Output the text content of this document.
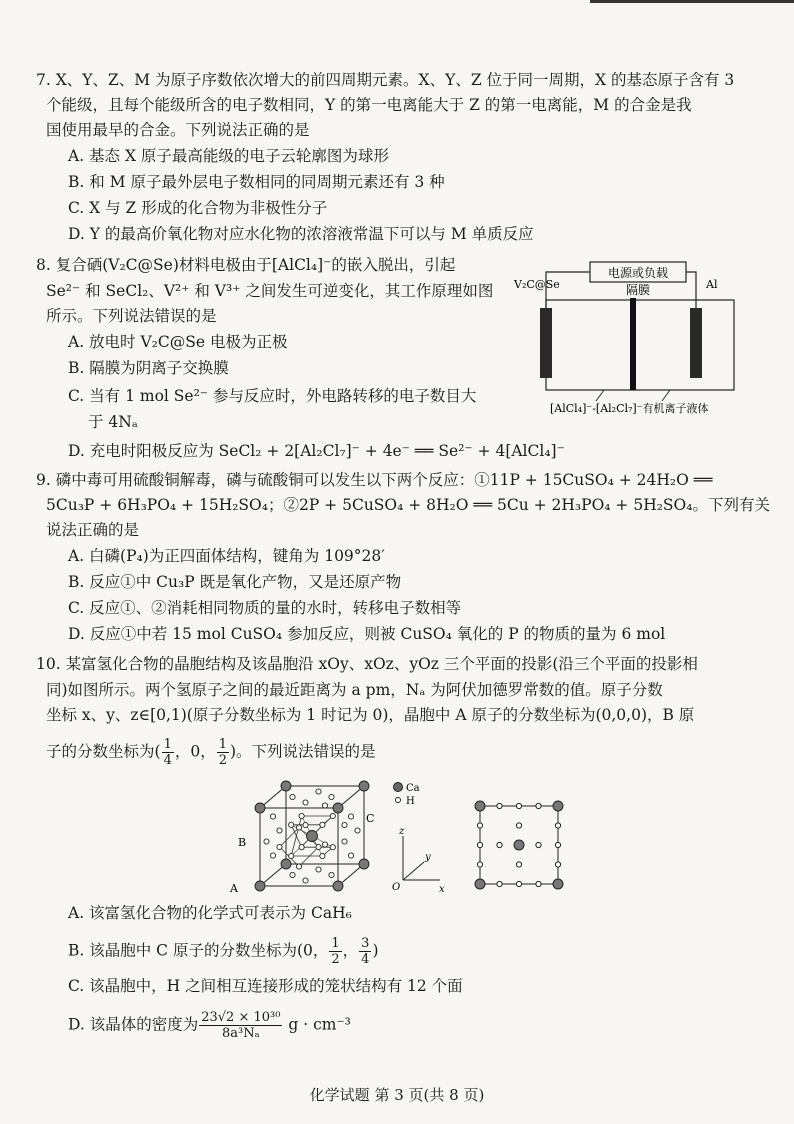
7. X、Y、Z、M 为原子序数依次增大的前四周期元素。X、Y、Z 位于同一周期，X 的基态原子含有 3
个能级，且每个能级所含的电子数相同，Y 的第一电离能大于 Z 的第一电离能，M 的合金是我
国使用最早的合金。下列说法正确的是
A. 基态 X 原子最高能级的电子云轮廓图为球形
B. 和 M 原子最外层电子数相同的同周期元素还有 3 种
C. X 与 Z 形成的化合物为非极性分子
D. Y 的最高价氧化物对应水化物的浓溶液常温下可以与 M 单质反应
8. 复合硒(V₂C@Se)材料电极由于[AlCl₄]⁻的嵌入脱出，引起
Se²⁻ 和 SeCl₂、V²⁺ 和 V³⁺ 之间发生可逆变化，其工作原理如图
所示。下列说法错误的是
A. 放电时 V₂C@Se 电极为正极
B. 隔膜为阴离子交换膜
C. 当有 1 mol Se²⁻ 参与反应时，外电路转移的电子数目大
于 4Nₐ
D. 充电时阳极反应为 SeCl₂ + 2[Al₂Cl₇]⁻ + 4e⁻ ══ Se²⁻ + 4[AlCl₄]⁻
电源或负载
V₂C@Se	Al
隔膜
[AlCl₄]⁻-[Al₂Cl₇]⁻有机离子液体
9. 磷中毒可用硫酸铜解毒，磷与硫酸铜可以发生以下两个反应：①11P + 15CuSO₄ + 24H₂O ══
5Cu₃P + 6H₃PO₄ + 15H₂SO₄；②2P + 5CuSO₄ + 8H₂O ══ 5Cu + 2H₃PO₄ + 5H₂SO₄。下列有关
说法正确的是
A. 白磷(P₄)为正四面体结构，键角为 109°28′
B. 反应①中 Cu₃P 既是氧化产物，又是还原产物
C. 反应①、②消耗相同物质的量的水时，转移电子数相等
D. 反应①中若 15 mol CuSO₄ 参加反应，则被 CuSO₄ 氧化的 P 的物质的量为 6 mol
10. 某富氢化合物的晶胞结构及该晶胞沿 xOy、xOz、yOz 三个平面的投影(沿三个平面的投影相
同)如图所示。两个氢原子之间的最近距离为 a pm，Nₐ 为阿伏加德罗常数的值。原子分数
坐标 x、y、z∈[0,1)(原子分数坐标为 1 时记为 0)，晶胞中 A 原子的分数坐标为(0,0,0)，B 原
子的分数坐标为( $\frac{1}{4}$ ，0， $\frac{1}{2}$ )。下列说法错误的是
A
B
C
Ca
H
z
x
y
O
A. 该富氢化合物的化学式可表示为 CaH₆
B. 该晶胞中 C 原子的分数坐标为(0， $\frac{1}{2}$ ， $\frac{3}{4}$ )
C. 该晶胞中，H 之间相互连接形成的笼状结构有 12 个面
D. 该晶体的密度为 $\frac{\text{23√2 × 10³⁰}}{\text{8a³Nₐ}}$ g · cm⁻³
化学试题 第 3 页(共 8 页)
